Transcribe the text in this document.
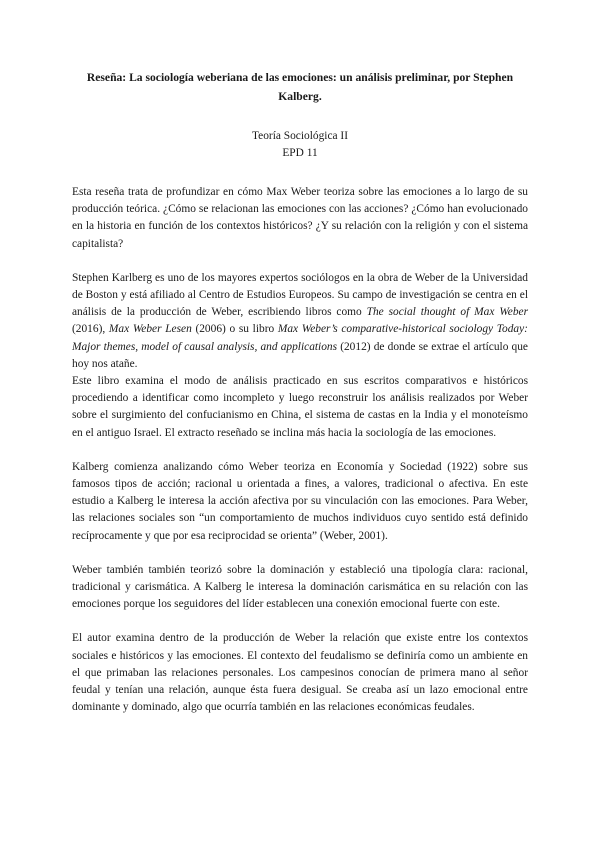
Reseña: La sociología weberiana de las emociones: un análisis preliminar, por Stephen Kalberg.

Teoría Sociológica II

EPD 11

Esta reseña trata de profundizar en cómo Max Weber teoriza sobre las emociones a lo largo de su producción teórica. ¿Cómo se relacionan las emociones con las acciones? ¿Cómo han evolucionado en la historia en función de los contextos históricos? ¿Y su relación con la religión y con el sistema capitalista?

Stephen Karlberg es uno de los mayores expertos sociólogos en la obra de Weber de la Universidad de Boston y está afiliado al Centro de Estudios Europeos. Su campo de investigación se centra en el análisis de la producción de Weber, escribiendo libros como The social thought of Max Weber (2016), Max Weber Lesen (2006) o su libro Max Weber’s comparative-historical sociology Today: Major themes, model of causal analysis, and applications (2012) de donde se extrae el artículo que hoy nos atañe.

Este libro examina el modo de análisis practicado en sus escritos comparativos e históricos procediendo a identificar como incompleto y luego reconstruir los análisis realizados por Weber sobre el surgimiento del confucianismo en China, el sistema de castas en la India y el monoteísmo en el antiguo Israel. El extracto reseñado se inclina más hacia la sociología de las emociones.

Kalberg comienza analizando cómo Weber teoriza en Economía y Sociedad (1922) sobre sus famosos tipos de acción; racional u orientada a fines, a valores, tradicional o afectiva. En este estudio a Kalberg le interesa la acción afectiva por su vinculación con las emociones. Para Weber, las relaciones sociales son “un comportamiento de muchos individuos cuyo sentido está definido recíprocamente y que por esa reciprocidad se orienta” (Weber, 2001).

Weber también también teorizó sobre la dominación y estableció una tipología clara: racional, tradicional y carismática. A Kalberg le interesa la dominación carismática en su relación con las emociones porque los seguidores del líder establecen una conexión emocional fuerte con este.

El autor examina dentro de la producción de Weber la relación que existe entre los contextos sociales e históricos y las emociones. El contexto del feudalismo se definiría como un ambiente en el que primaban las relaciones personales. Los campesinos conocían de primera mano al señor feudal y tenían una relación, aunque ésta fuera desigual. Se creaba así un lazo emocional entre dominante y dominado, algo que ocurría también en las relaciones económicas feudales.
